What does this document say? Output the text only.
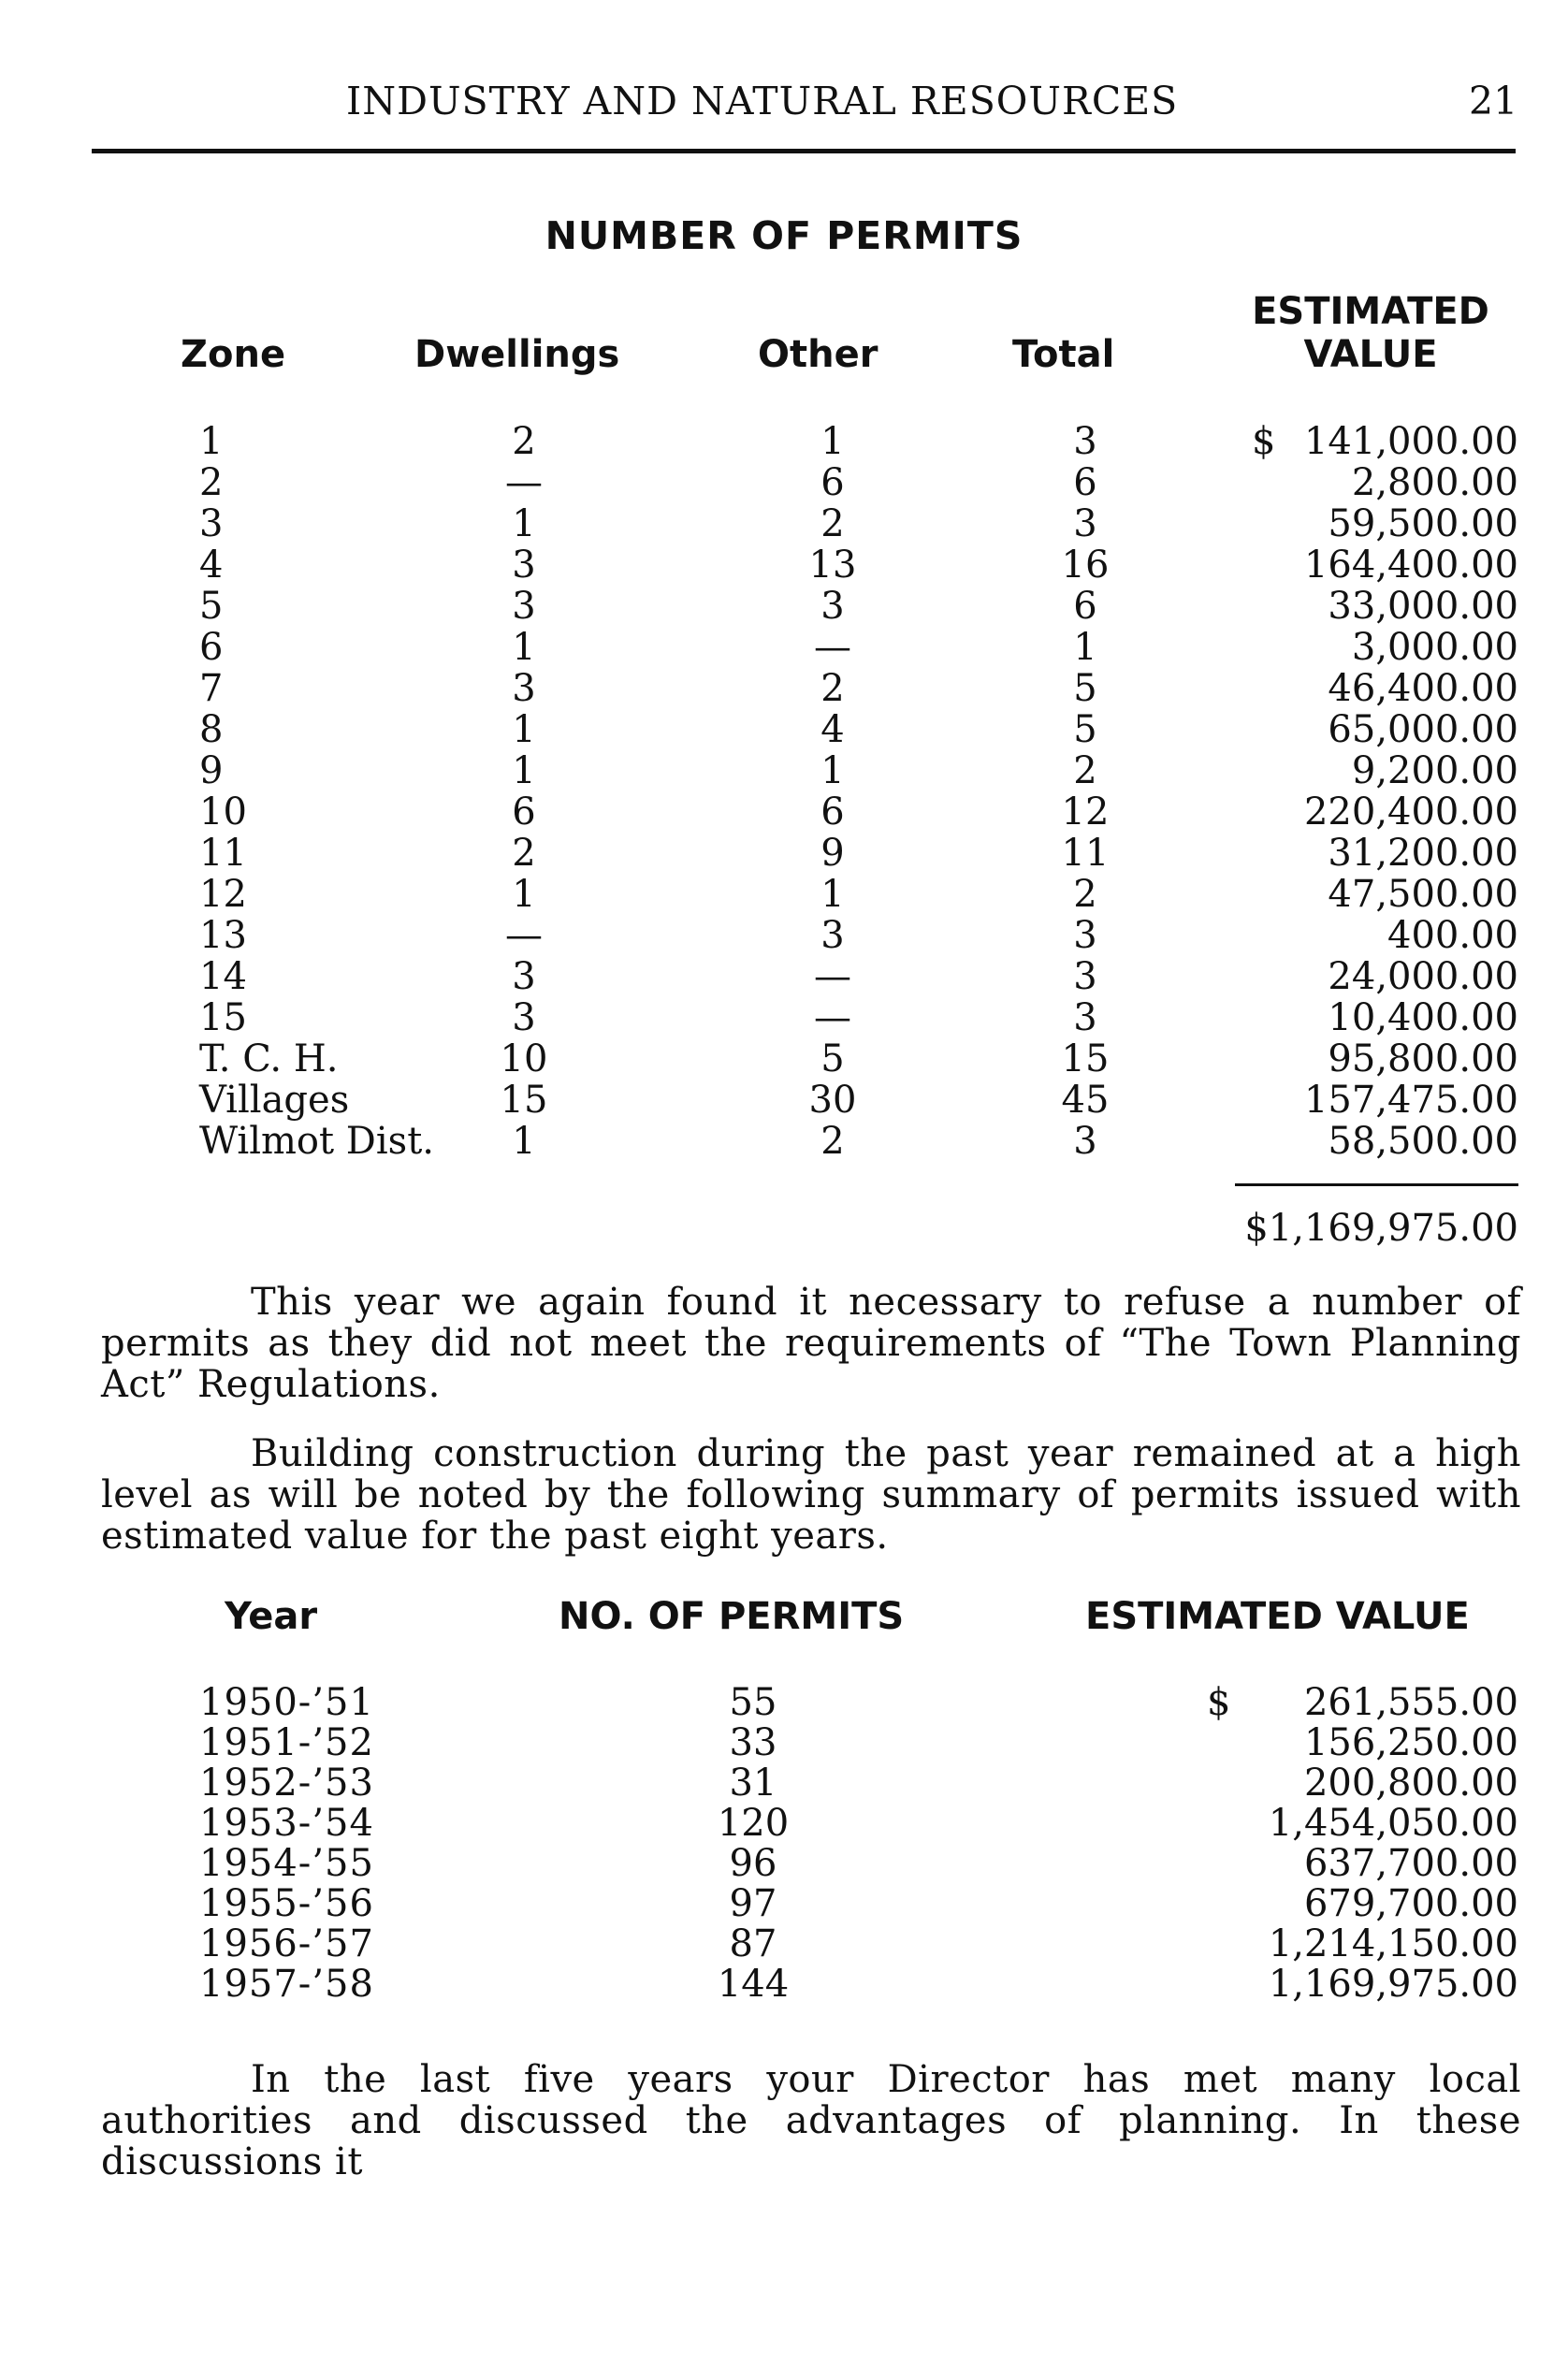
INDUSTRY AND NATURAL RESOURCES	21
NUMBER OF PERMITS
Zone	Dwellings	Other	Total
ESTIMATED
VALUE
1	2	1	3	$ 141,000.00
2	—	6	6	2,800.00
3	1	2	3	59,500.00
4	3	13	16	164,400.00
5	3	3	6	33,000.00
6	1	—	1	3,000.00
7	3	2	5	46,400.00
8	1	4	5	65,000.00
9	1	1	2	9,200.00
10	6	6	12	220,400.00
11	2	9	11	31,200.00
12	1	1	2	47,500.00
13	—	3	3	400.00
14	3	—	3	24,000.00
15	3	—	3	10,400.00
T. C. H.	10	5	15	95,800.00
Villages	15	30	45	157,475.00
Wilmot Dist.	1	2	3	58,500.00
$1,169,975.00
This year we again found it necessary to refuse a number of permits as they did not meet the requirements of “The Town Planning Act” Regulations.
Building construction during the past year remained at a high level as will be noted by the following summary of permits issued with estimated value for the past eight years.
Year	NO. OF PERMITS	ESTIMATED VALUE
1950-’51	55	$ 261,555.00
1951-’52	33	156,250.00
1952-’53	31	200,800.00
1953-’54	120	1,454,050.00
1954-’55	96	637,700.00
1955-’56	97	679,700.00
1956-’57	87	1,214,150.00
1957-’58	144	1,169,975.00
In the last five years your Director has met many local authorities and discussed the advantages of planning. In these discussions it
